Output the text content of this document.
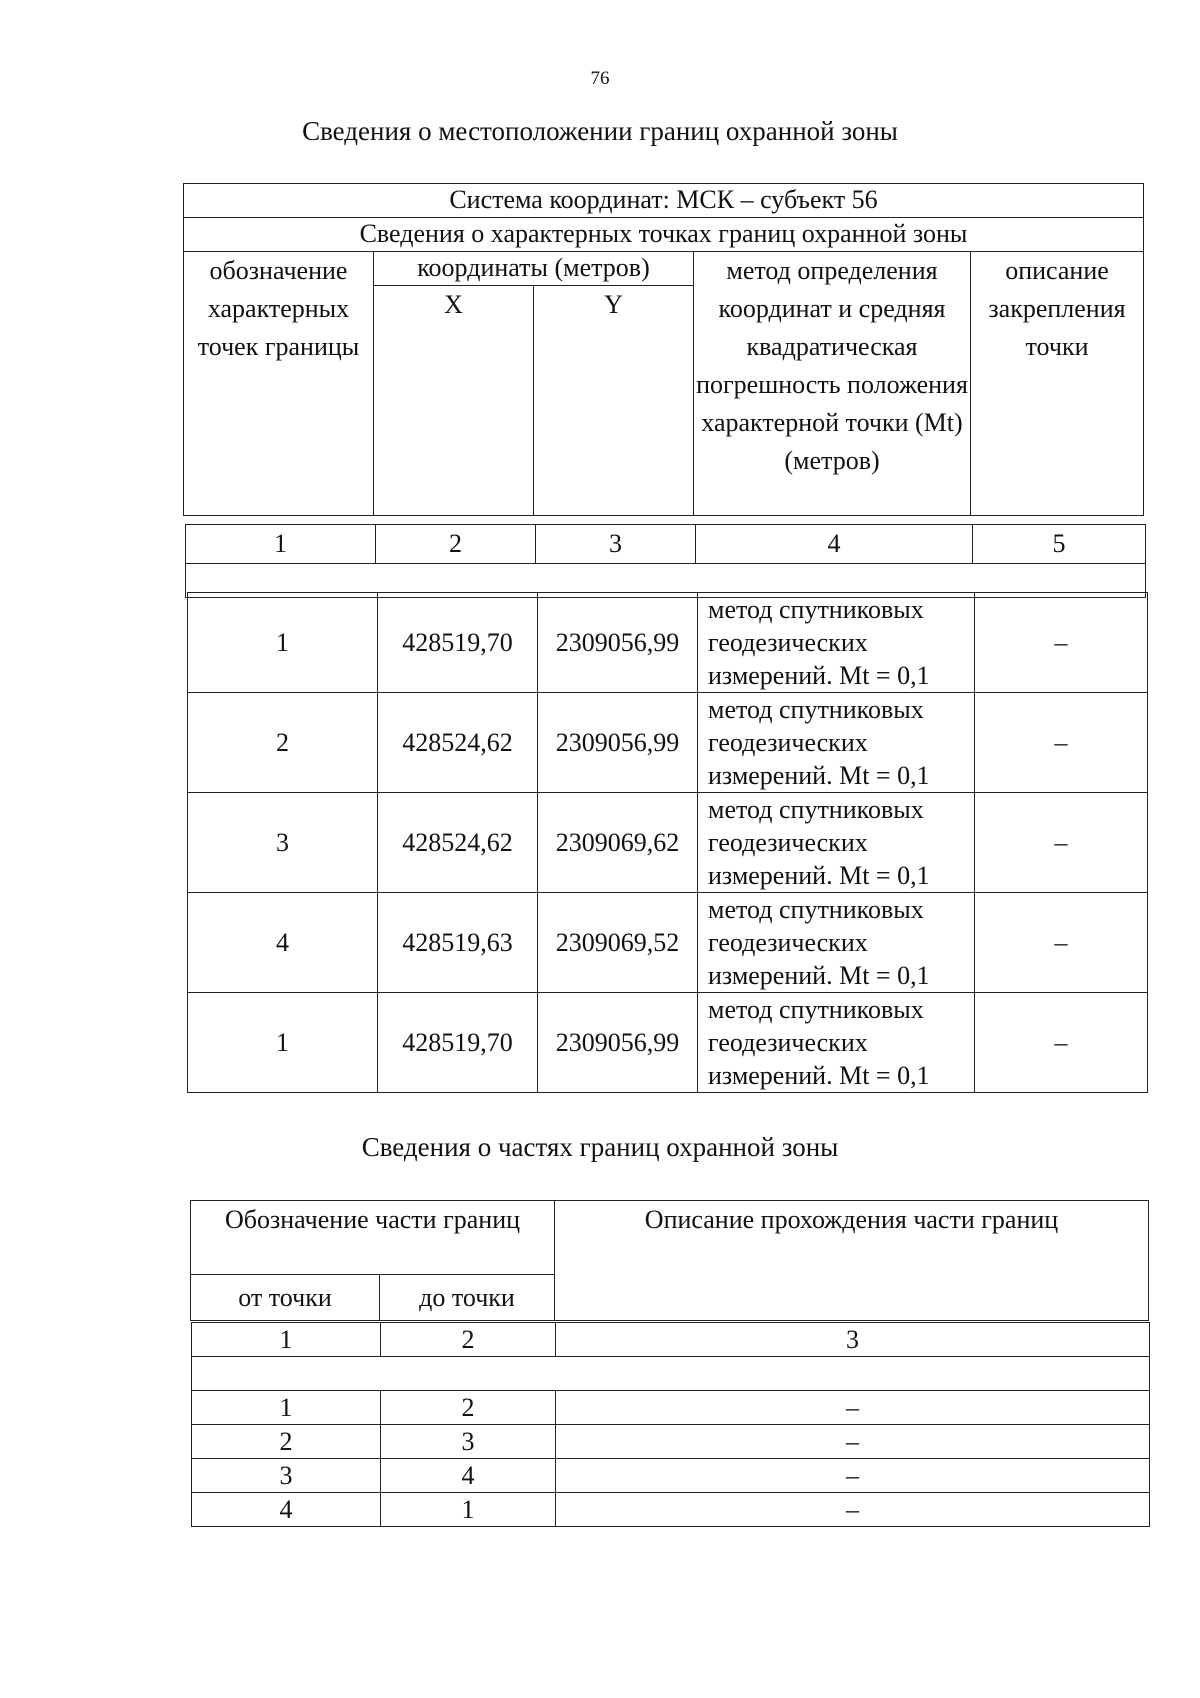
76
Сведения о местоположении границ охранной зоны
Система координат: МСК – субъект 56				
Сведения о характерных точках границ охранной зоны				
обозначение характерных точек границы	координаты (метров)		метод определения координат и средняя квадратическая погрешность положения характерной точки (Mt) (метров)	описание закрепления точки
	X	Y		
1	2	3	4	5

1	428519,70	2309056,99	метод спутниковых геодезических измерений. Mt = 0,1	–
2	428524,62	2309056,99	метод спутниковых геодезических измерений. Mt = 0,1	–
3	428524,62	2309069,62	метод спутниковых геодезических измерений. Mt = 0,1	–
4	428519,63	2309069,52	метод спутниковых геодезических измерений. Mt = 0,1	–
1	428519,70	2309056,99	метод спутниковых геодезических измерений. Mt = 0,1	–
Сведения о частях границ охранной зоны
Обозначение части границ		Описание прохождения части границ
от точки	до точки	
1	2	3

1	2	–
2	3	–
3	4	–
4	1	–
